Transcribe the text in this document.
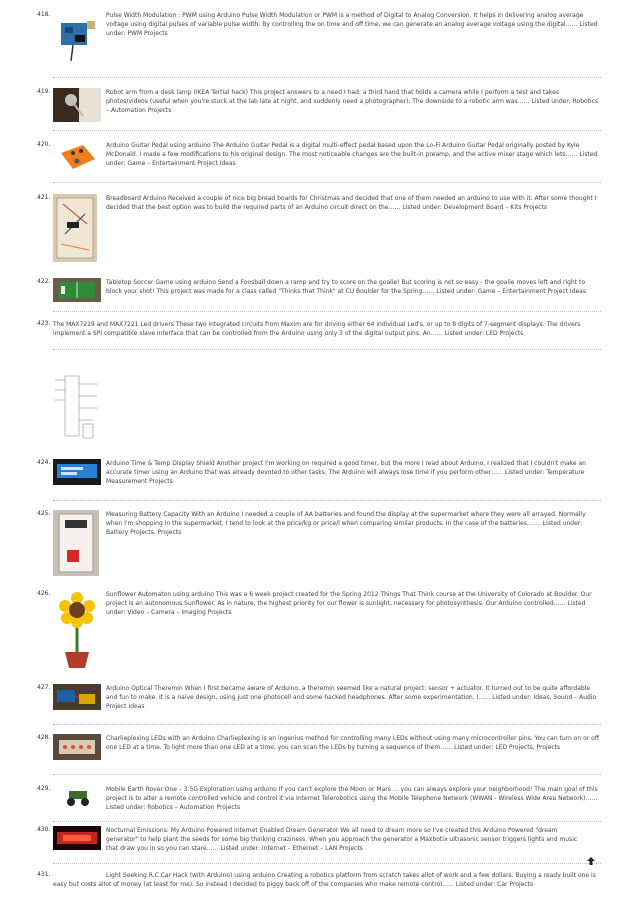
418.	Pulse Width Modulation : PWM using Arduino Pulse Width Modulation or PWM is a method of Digital to Analog Conversion. It helps in delivering analog average voltage using digital pulses of variable pulse width. By controlling the on time and off time, we can generate an analog average voltage using the digital…… Listed under: PWM Projects
419.	Robot arm from a desk lamp (IKEA Tertial hack) This project answers to a need I had: a third hand that holds a camera while I perform a test and takes photos/videos (useful when you're stuck at the lab late at night, and suddenly need a photographer). The downside to a robotic arm was…… Listed under: Robotics – Automation Projects
420.	Arduino Guitar Pedal using arduino The Arduino Guitar Pedal is a digital multi-effect pedal based upon the Lo-Fi Arduino Guitar Pedal originally posted by Kyle McDonald. I made a few modifications to his original design. The most noticeable changes are the built-in preamp, and the active mixer stage which lets…… Listed under: Game – Entertainment Project Ideas
421.	Breadboard Arduino Received a couple of nice big bread boards for Christmas and decided that one of them needed an arduino to use with it. After some thought I decided that the best option was to build the required parts of an Arduino circuit direct on the…… Listed under: Development Board – Kits Projects
422.	Tabletop Soccer Game using arduino Send a Foosball down a ramp and try to score on the goalie! But scoring is not so easy - the goalie moves left and right to block your shot! This project was made for a class called "Thinks that Think" at CU Boulder for the Spring…… Listed under: Game – Entertainment Project Ideas
423. The MAX7219 and MAX7221 Led drivers These two integrated circuits from Maxim are for driving either 64 individual Led's, or up to 8 digits of 7-segment displays. The drivers implement a SPI compatible slave interface that can be controlled from the Arduino using only 3 of the digital output pins. An…… Listed under: LED Projects
424.	Arduino Time & Temp Display Shield Another project I'm working on required a good timer, but the more I read about Arduino, I realized that I couldn't make an accurate timer using an Arduino that was already devoted to other tasks. The Arduino will always lose time if you perform other…… Listed under: Temperature Measurement Projects
425.	Measuring Battery Capacity With an Arduino I needed a couple of AA batteries and found the display at the supermarket where they were all arrayed. Normally when I'm shopping in the supermarket, I tend to look at the price/kg or price/l when comparing similar products. In the case of the batteries,…… Listed under: Battery Projects, Projects
426.	Sunflower Automaton using arduino This was a 6 week project created for the Spring 2012 Things That Think course at the University of Colorado at Boulder. Our project is an autonomous Sunflower. As in nature, the highest priority for our flower is sunlight, necessary for photosynthesis. Our Arduino controlled…… Listed under: Video – Camera – Imaging Projects
427.	Arduino Optical Theremin When I first became aware of Arduino, a theremin seemed like a natural project: sensor + actuator. It turned out to be quite affordable and fun to make. It is a naive design, using just one photocell and some hacked headphones. After some experimentation, I…… Listed under: Ideas, Sound – Audio Project Ideas
428.	Charlieplexing LEDs with an Arduino Charlieplexing is an ingenius method for controlling many LEDs without using many microcontroller pins. You can turn on or off one LED at a time. To light more than one LED at a time, you can scan the LEDs by turning a sequence of them…… Listed under: LED Projects, Projects
429.	Mobile Earth Rover One – 3.5G Exploration using arduino If you can't explore the Moon or Mars … you can always explore your neighborhood! The main goal of this project is to alter a remote controlled vehicle and control it via Internet Telerobotics using the Mobile Telephone Network (WWAN - Wireless Wide Area Network)…… Listed under: Robotics – Automation Projects
430.	Nocturnal Emissions: My Arduino Powered Internet Enabled Dream Generator We all need to dream more so I've created this Arduino Powered "dream generator" to help plant the seeds for some big thinking craziness. When you approach the generator a Maxbotix ultrasonic sensor triggers lights and music that draw you in so you can stare…… Listed under: Internet – Ethernet – LAN Projects
431.	Light Seeking R.C Car Hack (with Arduino) using arduino Creating a robotics platform from scratch takes allot of work and a few dollars. Buying a ready built one is easy but costs allot of money (at least for me). So instead I decided to piggy back off of the companies who make remote control…… Listed under: Car Projects
